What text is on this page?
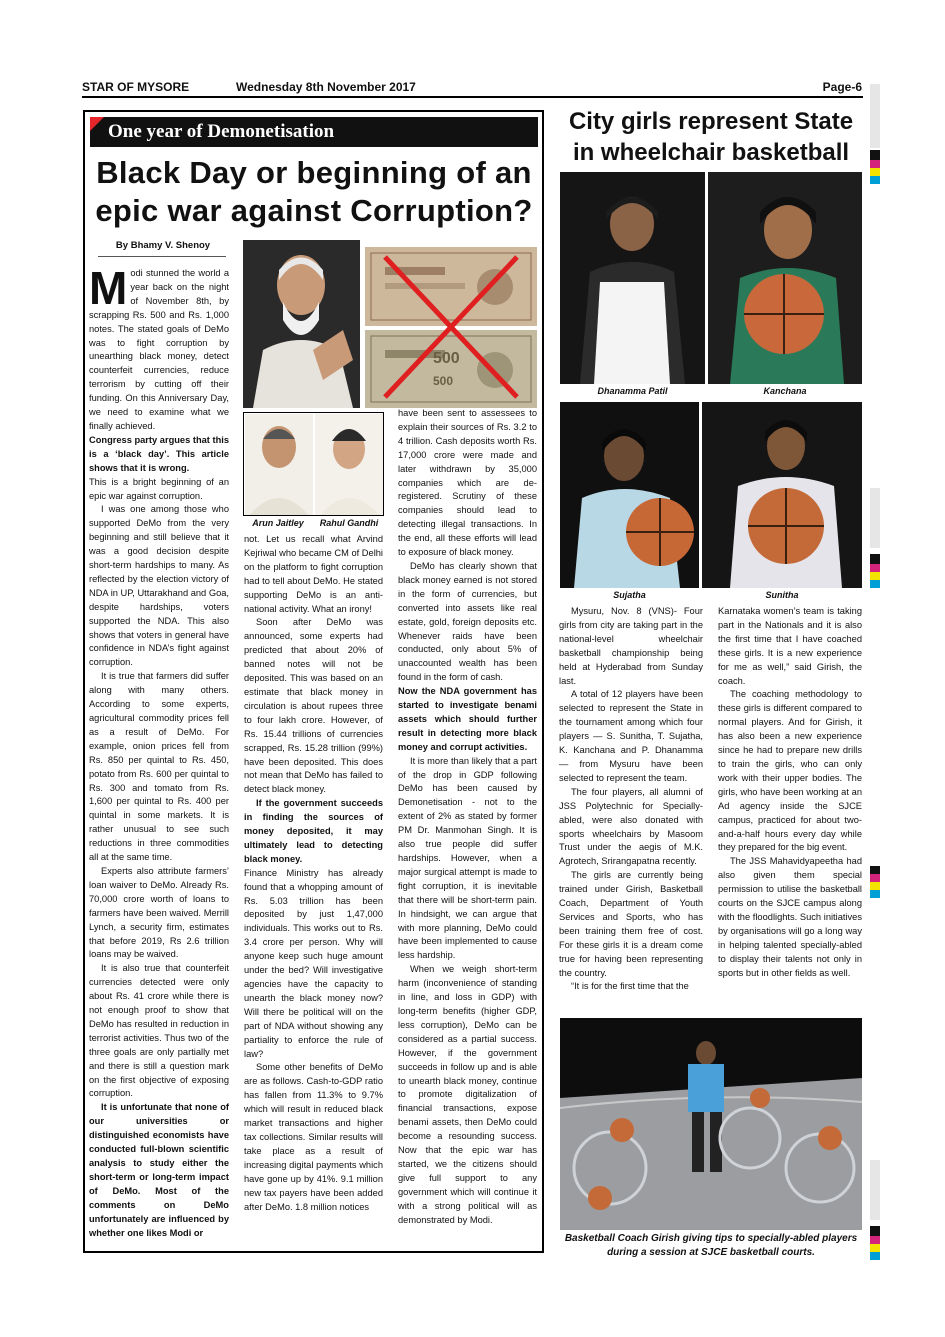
STAR OF MYSORE	Wednesday 8th November 2017	Page-6
One year of Demonetisation
Black Day or beginning of an epic war against Corruption?
By Bhamy V. Shenoy

Modi stunned the world a year back on the night of November 8th, by scrapping Rs. 500 and Rs. 1,000 notes. The stated goals of DeMo was to fight corruption by unearthing black money, detect counterfeit currencies, reduce terrorism by cutting off their funding. On this Anniversary Day, we need to examine what we finally achieved.

Congress party argues that this is a ‘black day’. This article shows that it is wrong.

This is a bright beginning of an epic war against corruption.

I was one among those who supported DeMo from the very beginning and still believe that it was a good decision despite short-term hardships to many. As reflected by the election victory of NDA in UP, Uttarakhand and Goa, despite hardships, voters supported the NDA. This also shows that voters in general have confidence in NDA’s fight against corruption.

It is true that farmers did suffer along with many others. According to some experts, agricultural commodity prices fell as a result of DeMo. For example, onion prices fell from Rs. 850 per quintal to Rs. 450, potato from Rs. 600 per quintal to Rs. 300 and tomato from Rs. 1,600 per quintal to Rs. 400 per quintal in some markets. It is rather unusual to see such reductions in three commodities all at the same time.

Experts also attribute farmers’ loan waiver to DeMo. Already Rs. 70,000 crore worth of loans to farmers have been waived. Merrill Lynch, a security firm, estimates that before 2019, Rs 2.6 trillion loans may be waived.

It is also true that counterfeit currencies detected were only about Rs. 41 crore while there is not enough proof to show that DeMo has resulted in reduction in terrorist activities. Thus two of the three goals are only partially met and there is still a question mark on the first objective of exposing corruption.

It is unfortunate that none of our universities or distinguished economists have conducted full-blown scientific analysis to study either the short-term or long-term impact of DeMo. Most of the comments on DeMo unfortunately are influenced by whether one likes Modi or

500
500
Arun Jaitley	Rahul Gandhi

not. Let us recall what Arvind Kejriwal who became CM of Delhi on the platform to fight corruption had to tell about DeMo. He stated supporting DeMo is an anti-national activity. What an irony!

Soon after DeMo was announced, some experts had predicted that about 20% of banned notes will not be deposited. This was based on an estimate that black money in circulation is about rupees three to four lakh crore. However, of Rs. 15.44 trillions of currencies scrapped, Rs. 15.28 trillion (99%) have been deposited. This does not mean that DeMo has failed to detect black money.

If the government succeeds in finding the sources of money deposited, it may ultimately lead to detecting black money.

Finance Ministry has already found that a whopping amount of Rs. 5.03 trillion has been deposited by just 1,47,000 individuals. This works out to Rs. 3.4 crore per person. Why will anyone keep such huge amount under the bed? Will investigative agencies have the capacity to unearth the black money now? Will there be political will on the part of NDA without showing any partiality to enforce the rule of law?

Some other benefits of DeMo are as follows. Cash-to-GDP ratio has fallen from 11.3% to 9.7% which will result in reduced black market transactions and higher tax collections. Similar results will take place as a result of increasing digital payments which have gone up by 41%. 9.1 million new tax payers have been added after DeMo. 1.8 million notices

have been sent to assessees to explain their sources of Rs. 3.2 to 4 trillion. Cash deposits worth Rs. 17,000 crore were made and later withdrawn by 35,000 companies which are de-registered. Scrutiny of these companies should lead to detecting illegal transactions. In the end, all these efforts will lead to exposure of black money.

DeMo has clearly shown that black money earned is not stored in the form of currencies, but converted into assets like real estate, gold, foreign deposits etc. Whenever raids have been conducted, only about 5% of unaccounted wealth has been found in the form of cash.

Now the NDA government has started to investigate benami assets which should further result in detecting more black money and corrupt activities.

It is more than likely that a part of the drop in GDP following DeMo has been caused by Demonetisation - not to the extent of 2% as stated by former PM Dr. Manmohan Singh. It is also true people did suffer hardships. However, when a major surgical attempt is made to fight corruption, it is inevitable that there will be short-term pain. In hindsight, we can argue that with more planning, DeMo could have been implemented to cause less hardship.

When we weigh short-term harm (inconvenience of standing in line, and loss in GDP) with long-term benefits (higher GDP, less corruption), DeMo can be considered as a partial success. However, if the government succeeds in follow up and is able to unearth black money, continue to promote digitalization of financial transactions, expose benami assets, then DeMo could become a resounding success. Now that the epic war has started, we the citizens should give full support to any government which will continue it with a strong political will as demonstrated by Modi.

City girls represent State in wheelchair basketball
Dhanamma Patil	Kanchana
Sujatha	Sunitha

Mysuru, Nov. 8 (VNS)- Four girls from city are taking part in the national-level wheelchair basketball championship being held at Hyderabad from Sunday last.

A total of 12 players have been selected to represent the State in the tournament among which four players — S. Sunitha, T. Sujatha, K. Kanchana and P. Dhanamma — from Mysuru have been selected to represent the team.

The four players, all alumni of JSS Polytechnic for Specially-abled, were also donated with sports wheelchairs by Masoom Trust under the aegis of M.K. Agrotech, Srirangapatna recently.

The girls are currently being trained under Girish, Basketball Coach, Department of Youth Services and Sports, who has been training them free of cost. For these girls it is a dream come true for having been representing the country.

“It is for the first time that the

Karnataka women’s team is taking part in the Nationals and it is also the first time that I have coached these girls. It is a new experience for me as well,” said Girish, the coach.

The coaching methodology to these girls is different compared to normal players. And for Girish, it has also been a new experience since he had to prepare new drills to train the girls, who can only work with their upper bodies. The girls, who have been working at an Ad agency inside the SJCE campus, practiced for about two-and-a-half hours every day while they prepared for the big event.

The JSS Mahavidyapeetha had also given them special permission to utilise the basketball courts on the SJCE campus along with the floodlights. Such initiatives by organisations will go a long way in helping talented specially-abled to display their talents not only in sports but in other fields as well.

Basketball Coach Girish giving tips to specially-abled players during a session at SJCE basketball courts.
